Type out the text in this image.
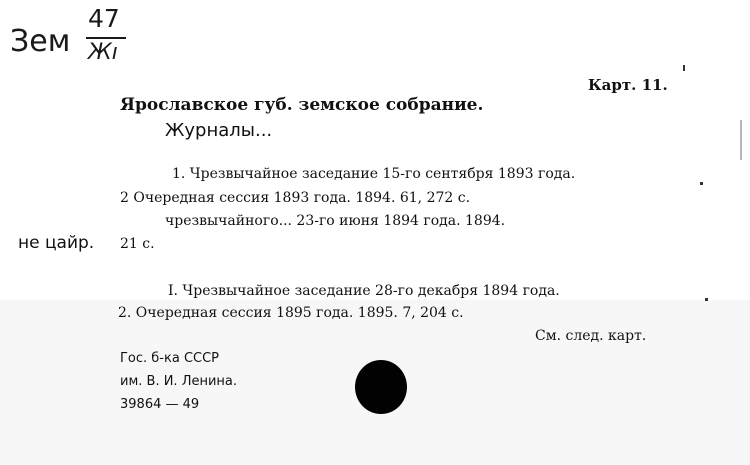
Зем
47
Жı
Карт. 11.
Ярославское губ. земское собрание.
Журналы...
1. Чрезвычайное заседание 15-го сентября 1893 года.
2 Очередная сессия 1893 года. 1894. 61, 272 с.
чрезвычайного... 23-го июня 1894 года. 1894.
21 с.
не цайр.
I. Чрезвычайное заседание 28-го декабря 1894 года.
2. Очередная сессия 1895 года. 1895. 7, 204 с.
См. след. карт.
Гос. б-ка СССР
им. В. И. Ленина.
39864 — 49
